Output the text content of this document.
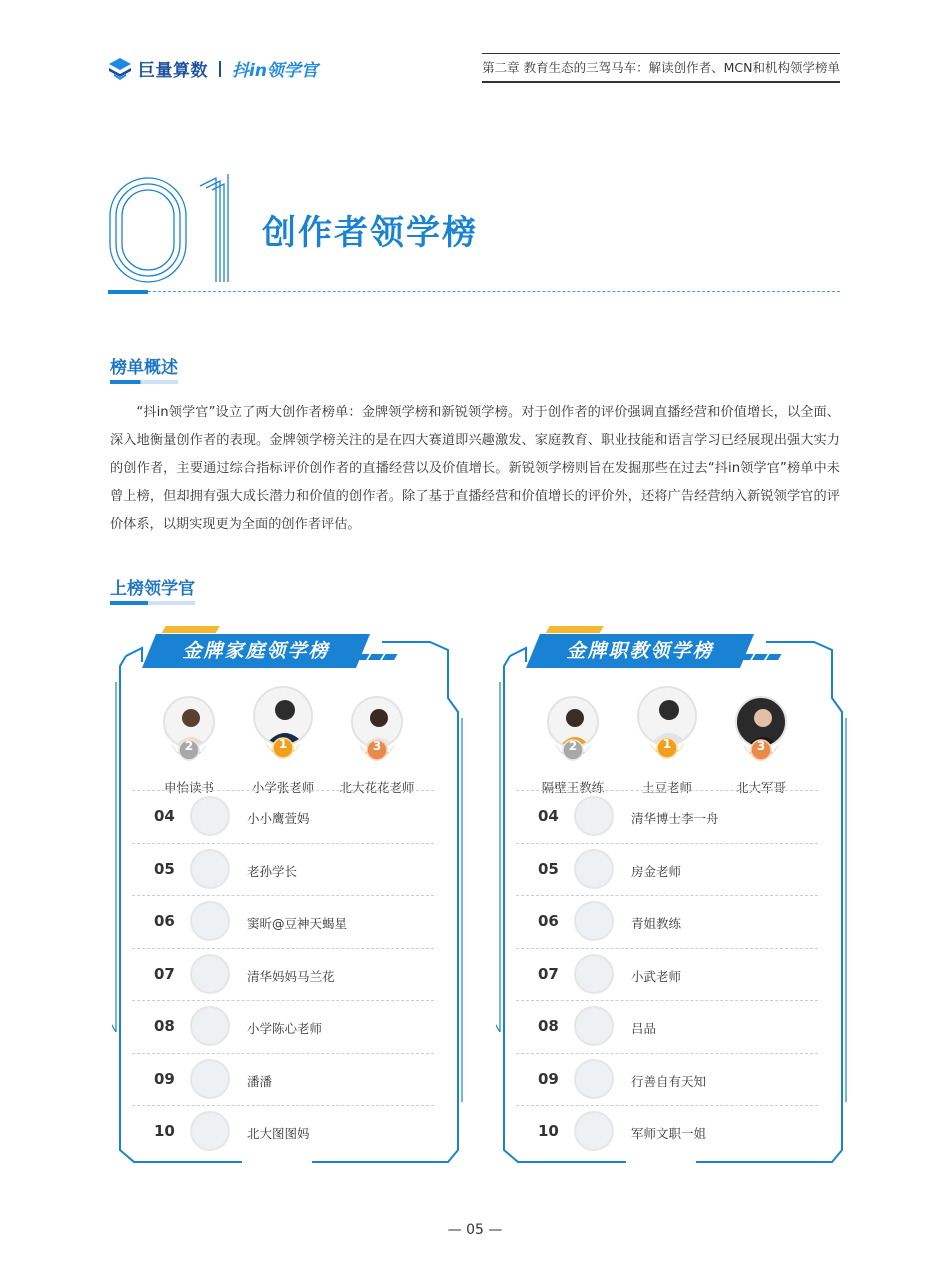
巨量算数 抖in领学官	第二章 教育生态的三驾马车：解读创作者、MCN和机构领学榜单
01
创作者领学榜
榜单概述

“抖in领学官”设立了两大创作者榜单：金牌领学榜和新锐领学榜。对于创作者的评价强调直播经营和价值增长，以全面、深入地衡量创作者的表现。金牌领学榜关注的是在四大赛道即兴趣激发、家庭教育、职业技能和语言学习已经展现出强大实力的创作者，主要通过综合指标评价创作者的直播经营以及价值增长。新锐领学榜则旨在发掘那些在过去“抖in领学官”榜单中未曾上榜，但却拥有强大成长潜力和价值的创作者。除了基于直播经营和价值增长的评价外，还将广告经营纳入新锐领学官的评价体系，以期实现更为全面的创作者评估。

上榜领学官
金牌家庭领学榜
2
申怡读书
1
小学张老师
3
北大花花老师
04	小小鹰萱妈
05	老孙学长
06	窦昕@豆神天蝎星
07	清华妈妈马兰花
08	小学陈心老师
09	潘潘
10	北大图图妈
金牌职教领学榜
2
隔壁王教练
1
土豆老师
3
北大军哥
04	清华博士李一舟
05	房金老师
06	青姐教练
07	小武老师
08	吕品
09	行善自有天知
10	军师文职一姐
— 05 —
